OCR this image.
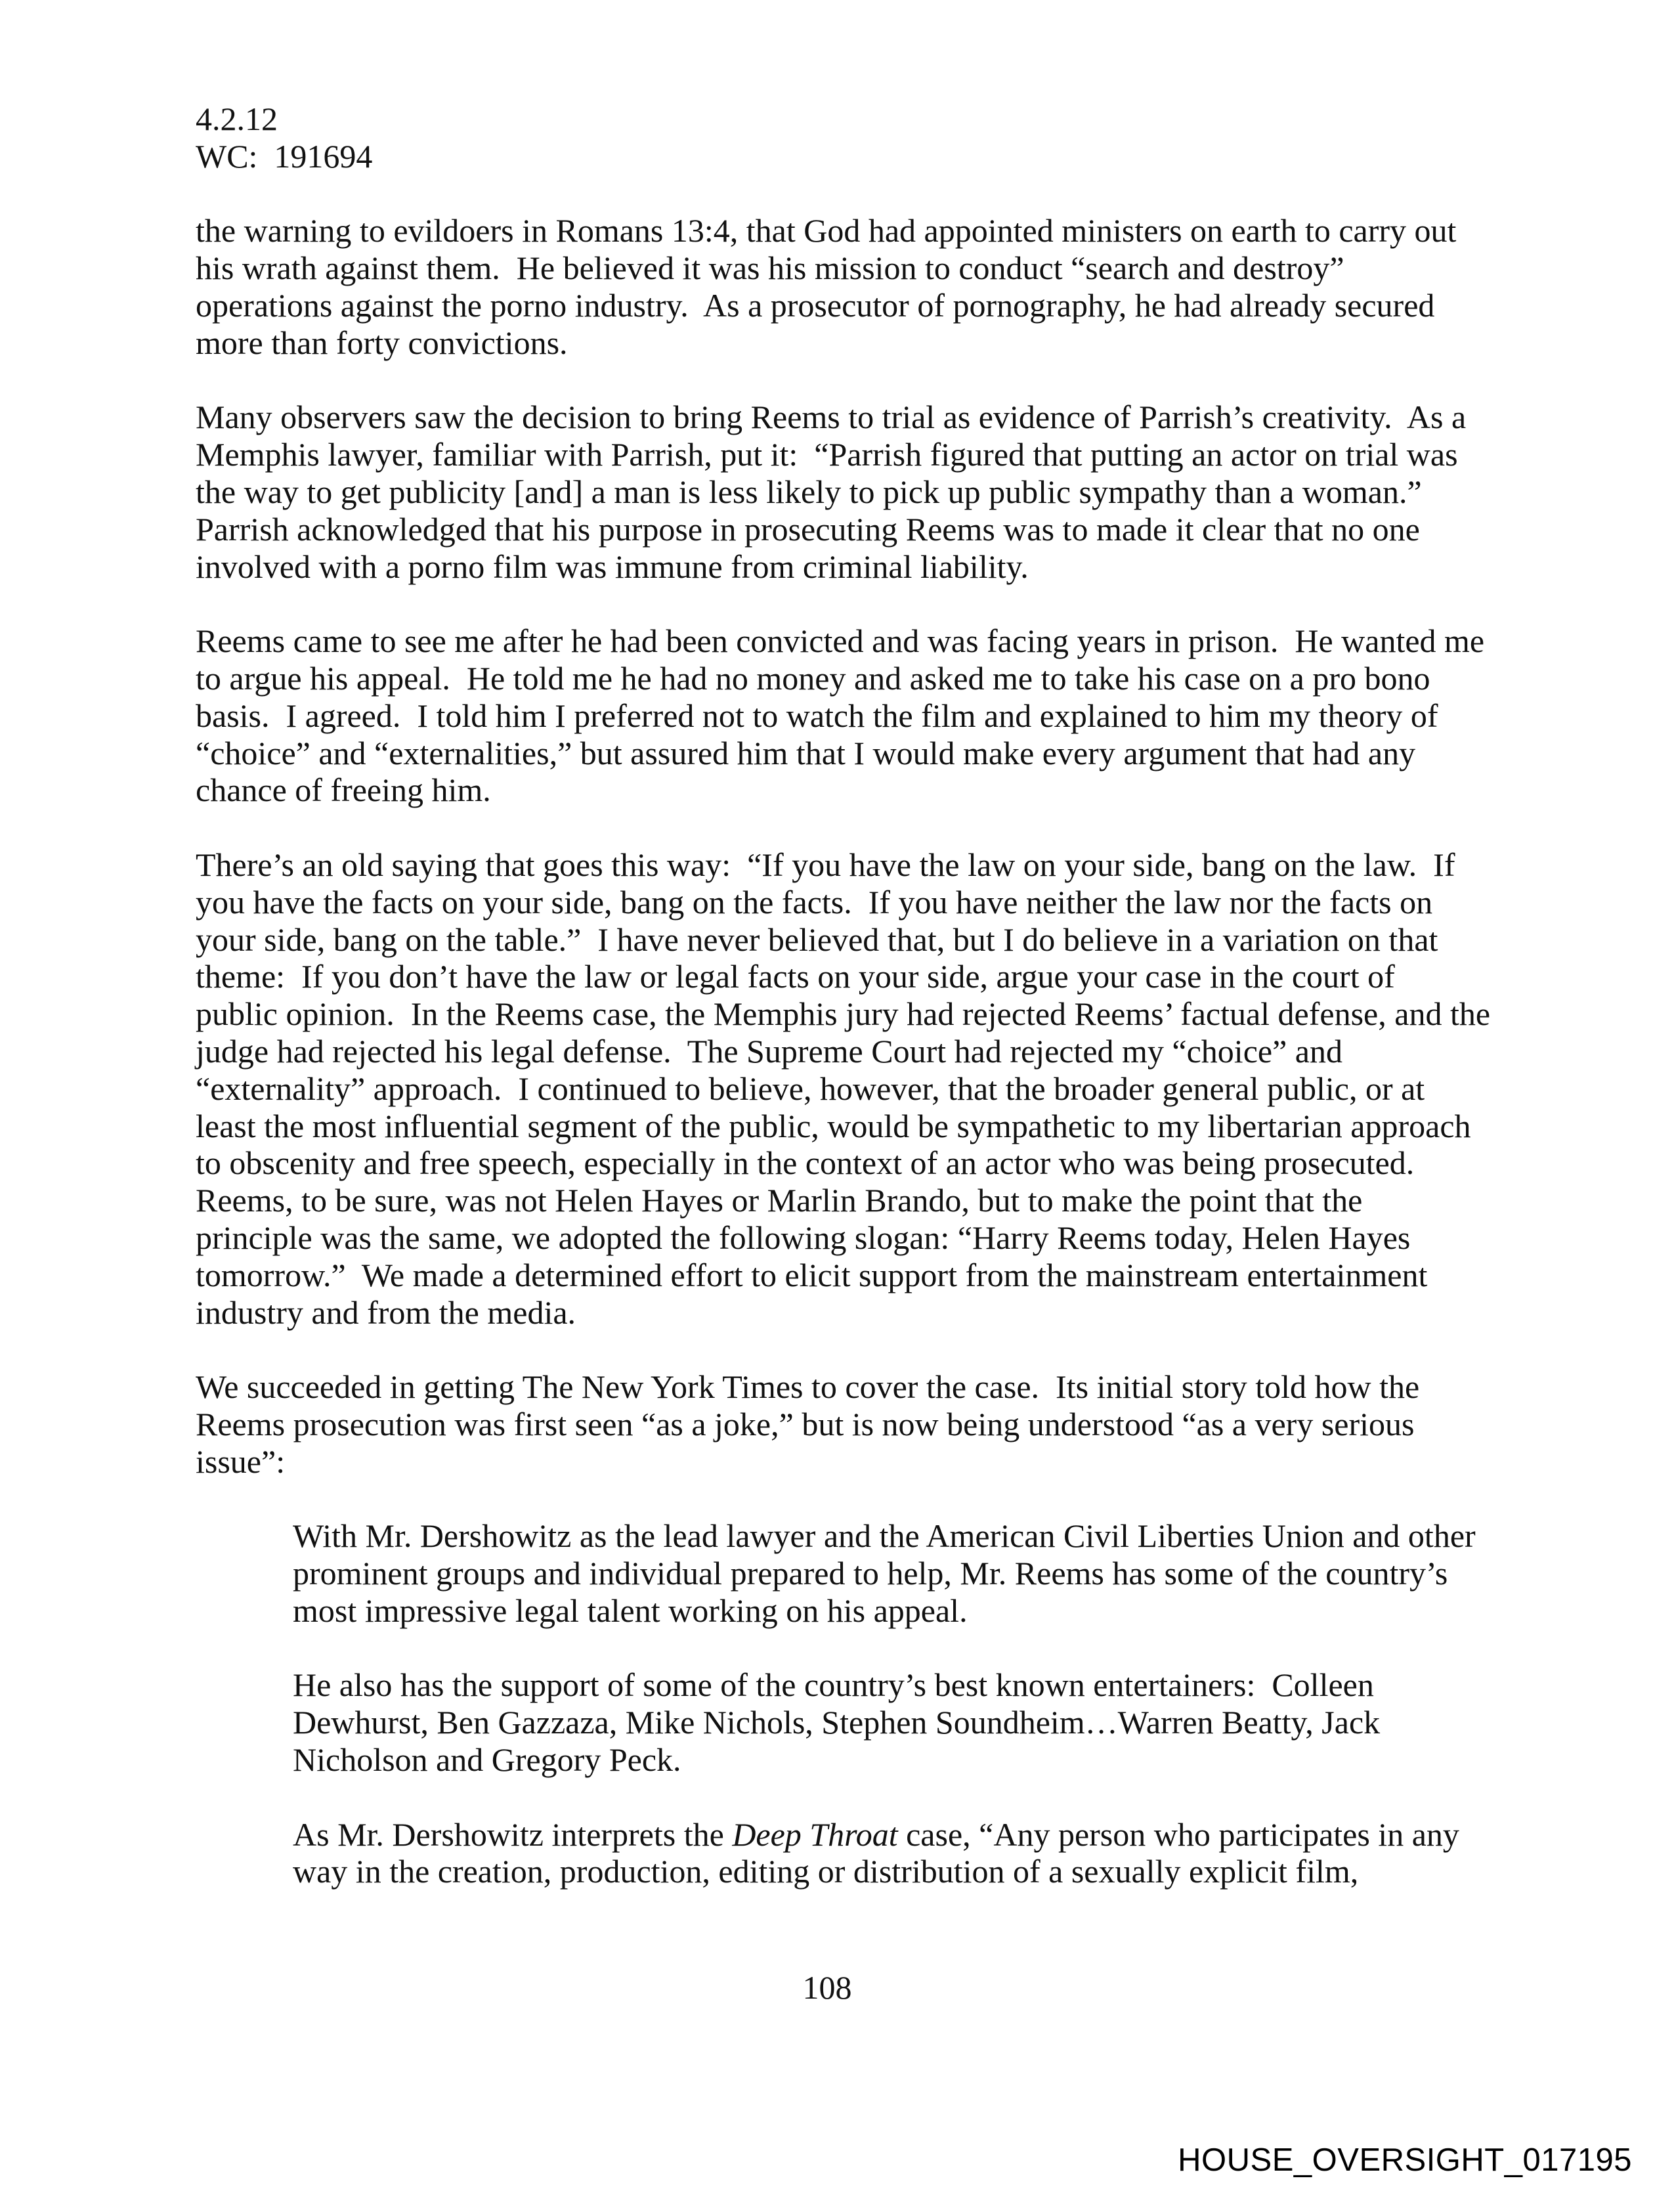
4.2.12
WC:  191694
the warning to evildoers in Romans 13:4, that God had appointed ministers on earth to carry out
his wrath against them.  He believed it was his mission to conduct “search and destroy”
operations against the porno industry.  As a prosecutor of pornography, he had already secured
more than forty convictions.
Many observers saw the decision to bring Reems to trial as evidence of Parrish’s creativity.  As a
Memphis lawyer, familiar with Parrish, put it:  “Parrish figured that putting an actor on trial was
the way to get publicity [and] a man is less likely to pick up public sympathy than a woman.”
Parrish acknowledged that his purpose in prosecuting Reems was to made it clear that no one
involved with a porno film was immune from criminal liability.
Reems came to see me after he had been convicted and was facing years in prison.  He wanted me
to argue his appeal.  He told me he had no money and asked me to take his case on a pro bono
basis.  I agreed.  I told him I preferred not to watch the film and explained to him my theory of
“choice” and “externalities,” but assured him that I would make every argument that had any
chance of freeing him.
There’s an old saying that goes this way:  “If you have the law on your side, bang on the law.  If
you have the facts on your side, bang on the facts.  If you have neither the law nor the facts on
your side, bang on the table.”  I have never believed that, but I do believe in a variation on that
theme:  If you don’t have the law or legal facts on your side, argue your case in the court of
public opinion.  In the Reems case, the Memphis jury had rejected Reems’ factual defense, and the
judge had rejected his legal defense.  The Supreme Court had rejected my “choice” and
“externality” approach.  I continued to believe, however, that the broader general public, or at
least the most influential segment of the public, would be sympathetic to my libertarian approach
to obscenity and free speech, especially in the context of an actor who was being prosecuted.
Reems, to be sure, was not Helen Hayes or Marlin Brando, but to make the point that the
principle was the same, we adopted the following slogan: “Harry Reems today, Helen Hayes
tomorrow.”  We made a determined effort to elicit support from the mainstream entertainment
industry and from the media.
We succeeded in getting The New York Times to cover the case.  Its initial story told how the
Reems prosecution was first seen “as a joke,” but is now being understood “as a very serious
issue”:
With Mr. Dershowitz as the lead lawyer and the American Civil Liberties Union and other
prominent groups and individual prepared to help, Mr. Reems has some of the country’s
most impressive legal talent working on his appeal.
He also has the support of some of the country’s best known entertainers:  Colleen
Dewhurst, Ben Gazzaza, Mike Nichols, Stephen Soundheim…Warren Beatty, Jack
Nicholson and Gregory Peck.
As Mr. Dershowitz interprets the Deep Throat case, “Any person who participates in any
way in the creation, production, editing or distribution of a sexually explicit film,
108
HOUSE_OVERSIGHT_017195
